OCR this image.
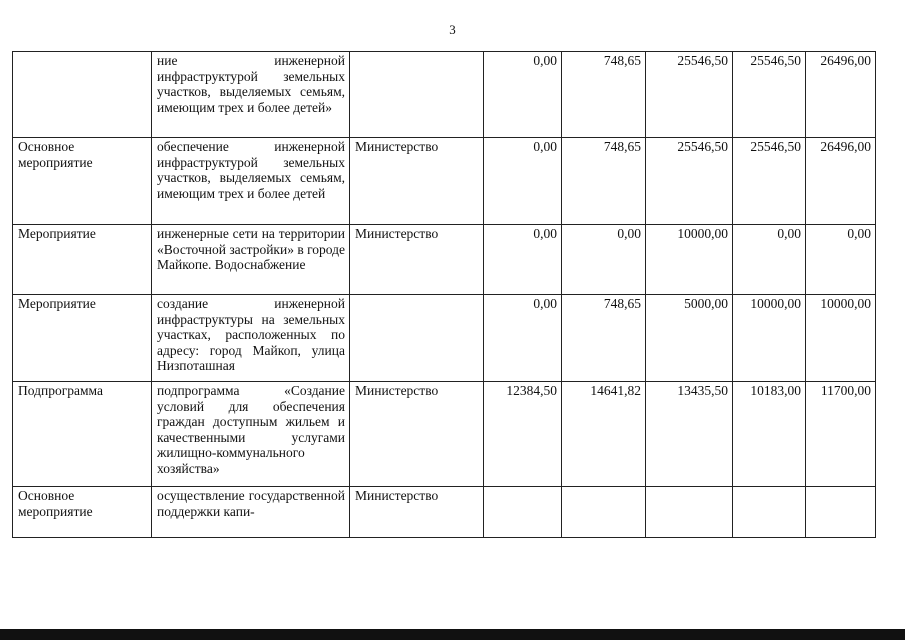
3
	ние инженерной инфраструктурой земельных участков, выделяемых семьям, имеющим трех и более детей»		0,00	748,65	25546,50	25546,50	26496,00
Основное мероприятие	обеспечение инженерной инфраструктурой земельных участков, выделяемых семьям, имеющим трех и более детей	Министерство	0,00	748,65	25546,50	25546,50	26496,00
Мероприятие	инженерные сети на территории «Восточной застройки» в городе Майкопе. Водоснабжение	Министерство	0,00	0,00	10000,00	0,00	0,00
Мероприятие	создание инженерной инфраструктуры на земельных участках, расположенных по адресу: город Майкоп, улица Низпоташная		0,00	748,65	5000,00	10000,00	10000,00
Подпрограмма	подпрограмма «Создание условий для обеспечения граждан доступным жильем и качественными услугами жилищно-коммунального хозяйства»	Министерство	12384,50	14641,82	13435,50	10183,00	11700,00
Основное мероприятие	осуществление государственной поддержки капи-	Министерство					
